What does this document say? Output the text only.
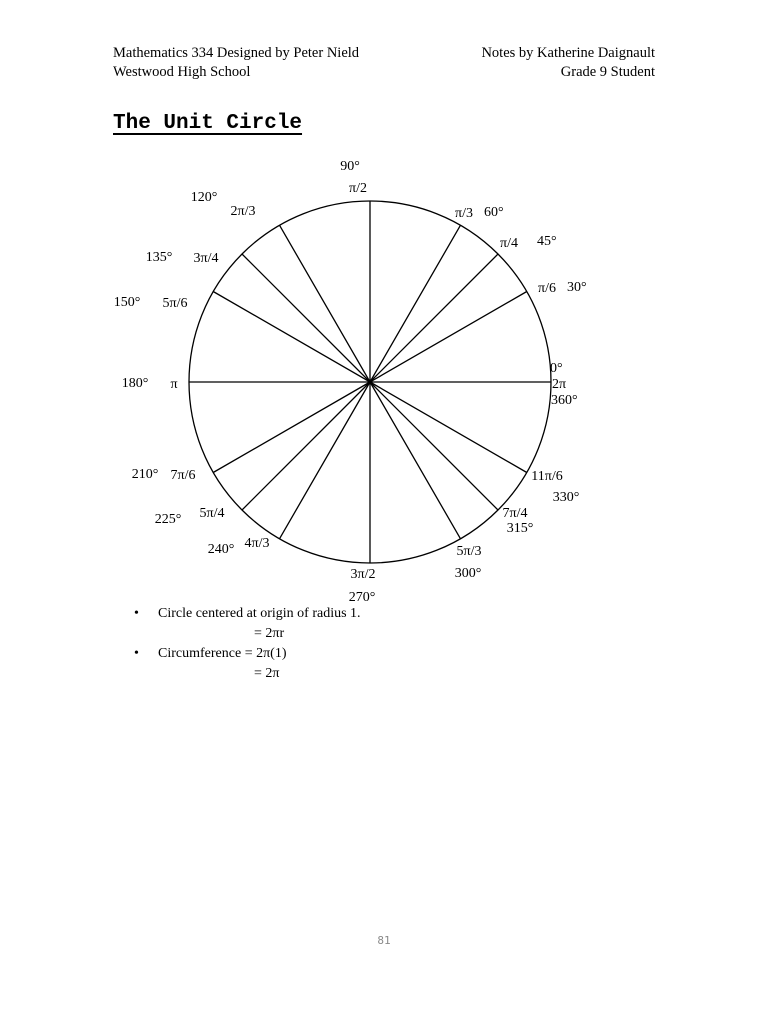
Mathematics 334 Designed by Peter Nield
Westwood High School
Notes by Katherine Daignault
Grade 9 Student
The Unit Circle
0°
2π
360°
30°
π/6
45°
π/4
60°
π/3
90°
π/2
120°
2π/3
135° 3π/4
150° 5π/6
180° π
210° 7π/6
225° 5π/4
240° 4π/3
270°
3π/2	300°
5π/3
315°
7π/4
330°
11π/6
• Circle centered at origin of radius 1.
= 2πr
• Circumference = 2π(1)
= 2π
81
